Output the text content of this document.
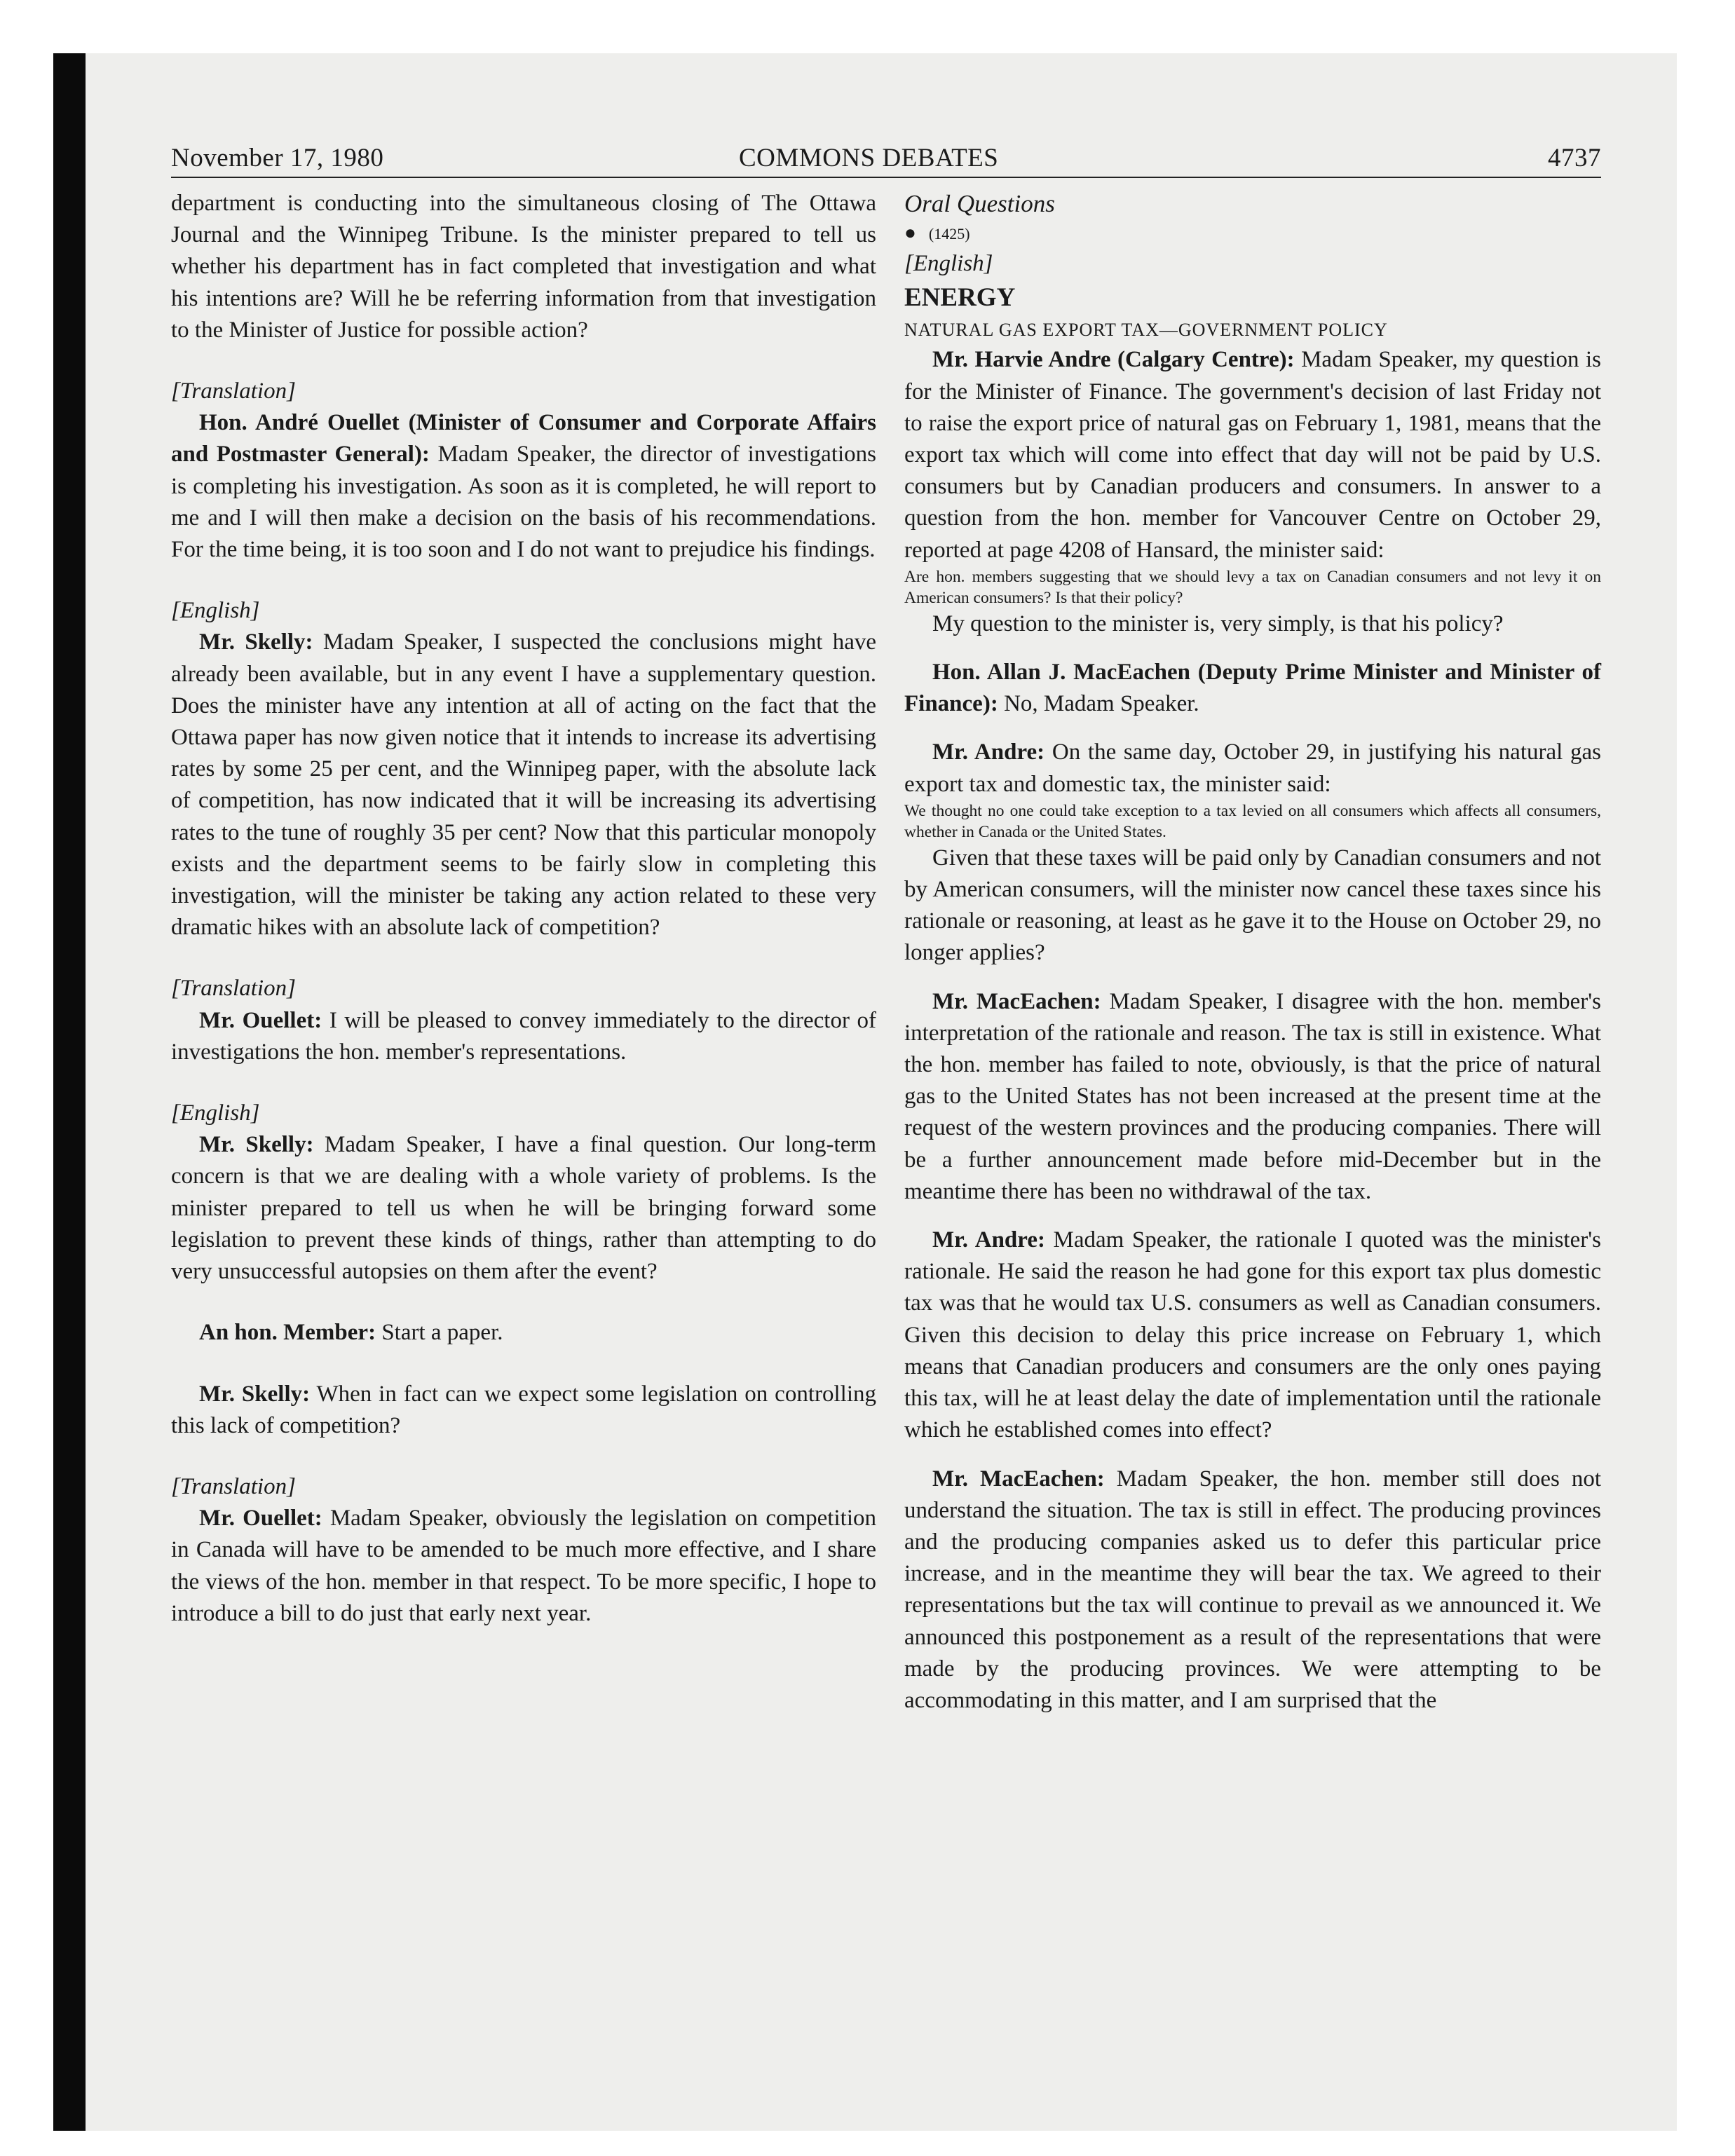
November 17, 1980	COMMONS DEBATES	4737

department is conducting into the simultaneous closing of The Ottawa Journal and the Winnipeg Tribune. Is the minister prepared to tell us whether his department has in fact completed that investigation and what his intentions are? Will he be referring information from that investigation to the Minister of Justice for possible action?

[Translation]

Hon. André Ouellet (Minister of Consumer and Corporate Affairs and Postmaster General): Madam Speaker, the director of investigations is completing his investigation. As soon as it is completed, he will report to me and I will then make a decision on the basis of his recommendations. For the time being, it is too soon and I do not want to prejudice his findings.

[English]

Mr. Skelly: Madam Speaker, I suspected the conclusions might have already been available, but in any event I have a supplementary question. Does the minister have any intention at all of acting on the fact that the Ottawa paper has now given notice that it intends to increase its advertising rates by some 25 per cent, and the Winnipeg paper, with the absolute lack of competition, has now indicated that it will be increasing its advertising rates to the tune of roughly 35 per cent? Now that this particular monopoly exists and the department seems to be fairly slow in completing this investigation, will the minister be taking any action related to these very dramatic hikes with an absolute lack of competition?

[Translation]

Mr. Ouellet: I will be pleased to convey immediately to the director of investigations the hon. member's representations.

[English]

Mr. Skelly: Madam Speaker, I have a final question. Our long-term concern is that we are dealing with a whole variety of problems. Is the minister prepared to tell us when he will be bringing forward some legislation to prevent these kinds of things, rather than attempting to do very unsuccessful autopsies on them after the event?

An hon. Member: Start a paper.

Mr. Skelly: When in fact can we expect some legislation on controlling this lack of competition?

[Translation]

Mr. Ouellet: Madam Speaker, obviously the legislation on competition in Canada will have to be amended to be much more effective, and I share the views of the hon. member in that respect. To be more specific, I hope to introduce a bill to do just that early next year.

Oral Questions

● (1425)

[English]

ENERGY

NATURAL GAS EXPORT TAX—GOVERNMENT POLICY

Mr. Harvie Andre (Calgary Centre): Madam Speaker, my question is for the Minister of Finance. The government's decision of last Friday not to raise the export price of natural gas on February 1, 1981, means that the export tax which will come into effect that day will not be paid by U.S. consumers but by Canadian producers and consumers. In answer to a question from the hon. member for Vancouver Centre on October 29, reported at page 4208 of Hansard, the minister said:

Are hon. members suggesting that we should levy a tax on Canadian consumers and not levy it on American consumers? Is that their policy?

My question to the minister is, very simply, is that his policy?

Hon. Allan J. MacEachen (Deputy Prime Minister and Minister of Finance): No, Madam Speaker.

Mr. Andre: On the same day, October 29, in justifying his natural gas export tax and domestic tax, the minister said:

We thought no one could take exception to a tax levied on all consumers which affects all consumers, whether in Canada or the United States.

Given that these taxes will be paid only by Canadian consumers and not by American consumers, will the minister now cancel these taxes since his rationale or reasoning, at least as he gave it to the House on October 29, no longer applies?

Mr. MacEachen: Madam Speaker, I disagree with the hon. member's interpretation of the rationale and reason. The tax is still in existence. What the hon. member has failed to note, obviously, is that the price of natural gas to the United States has not been increased at the present time at the request of the western provinces and the producing companies. There will be a further announcement made before mid-December but in the meantime there has been no withdrawal of the tax.

Mr. Andre: Madam Speaker, the rationale I quoted was the minister's rationale. He said the reason he had gone for this export tax plus domestic tax was that he would tax U.S. consumers as well as Canadian consumers. Given this decision to delay this price increase on February 1, which means that Canadian producers and consumers are the only ones paying this tax, will he at least delay the date of implementation until the rationale which he established comes into effect?

Mr. MacEachen: Madam Speaker, the hon. member still does not understand the situation. The tax is still in effect. The producing provinces and the producing companies asked us to defer this particular price increase, and in the meantime they will bear the tax. We agreed to their representations but the tax will continue to prevail as we announced it. We announced this postponement as a result of the representations that were made by the producing provinces. We were attempting to be accommodating in this matter, and I am surprised that the
